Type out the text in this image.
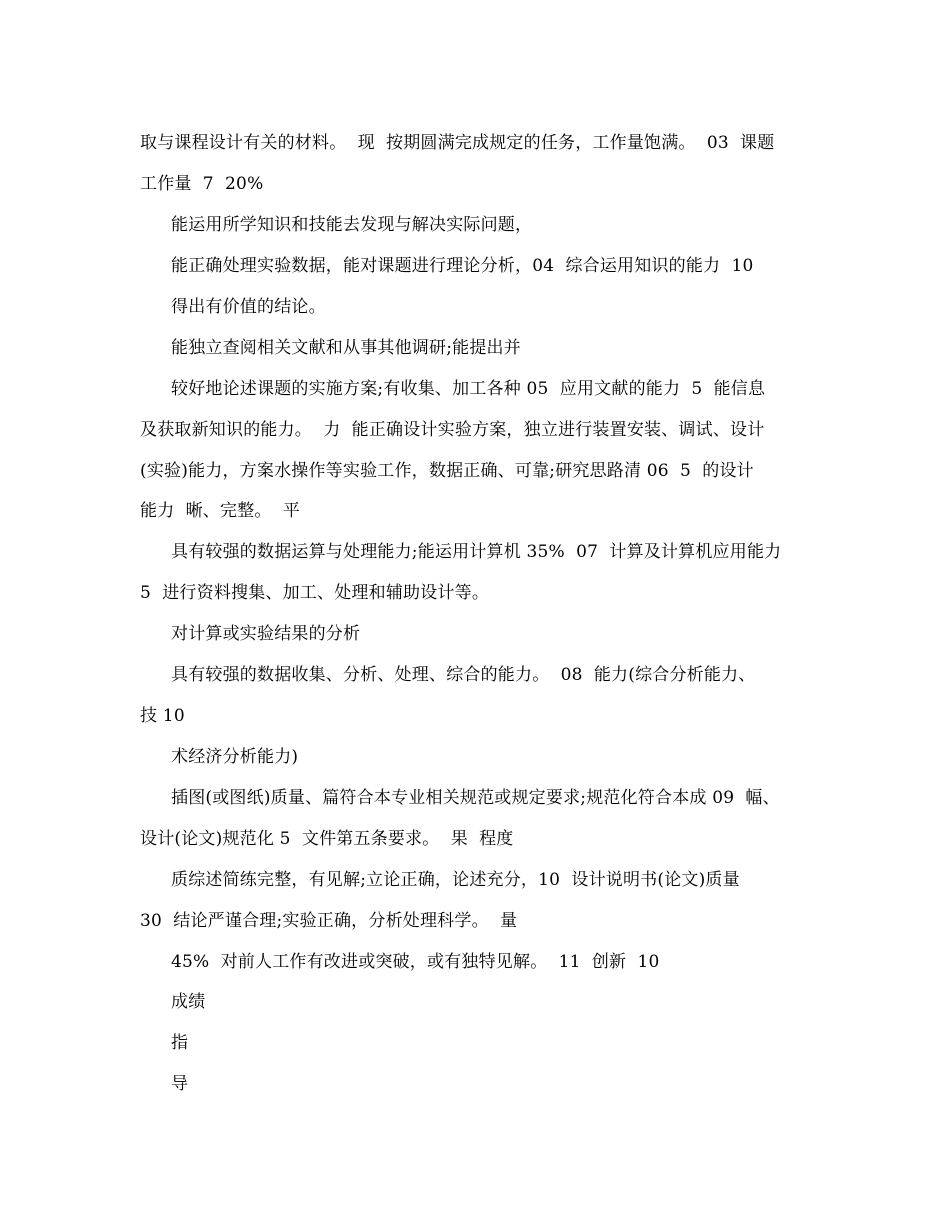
取与课程设计有关的材料。  现  按期圆满完成规定的任务，工作量饱满。  03  课题
工作量  7  20%
能运用所学知识和技能去发现与解决实际问题，
能正确处理实验数据，能对课题进行理论分析，04  综合运用知识的能力  10
得出有价值的结论。
能独立查阅相关文献和从事其他调研;能提出并
较好地论述课题的实施方案;有收集、加工各种 05  应用文献的能力  5  能信息
及获取新知识的能力。  力  能正确设计实验方案，独立进行装置安装、调试、设计
(实验)能力，方案水操作等实验工作，数据正确、可靠;研究思路清 06  5  的设计
能力  晰、完整。  平
具有较强的数据运算与处理能力;能运用计算机 35%  07  计算及计算机应用能力
5  进行资料搜集、加工、处理和辅助设计等。
对计算或实验结果的分析
具有较强的数据收集、分析、处理、综合的能力。  08  能力(综合分析能力、
技 10
术经济分析能力)
插图(或图纸)质量、篇符合本专业相关规范或规定要求;规范化符合本成 09  幅、
设计(论文)规范化 5  文件第五条要求。  果  程度
质综述简练完整，有见解;立论正确，论述充分，10  设计说明书(论文)质量
30  结论严谨合理;实验正确，分析处理科学。  量
45%  对前人工作有改进或突破，或有独特见解。  11  创新  10
成绩
指
导
